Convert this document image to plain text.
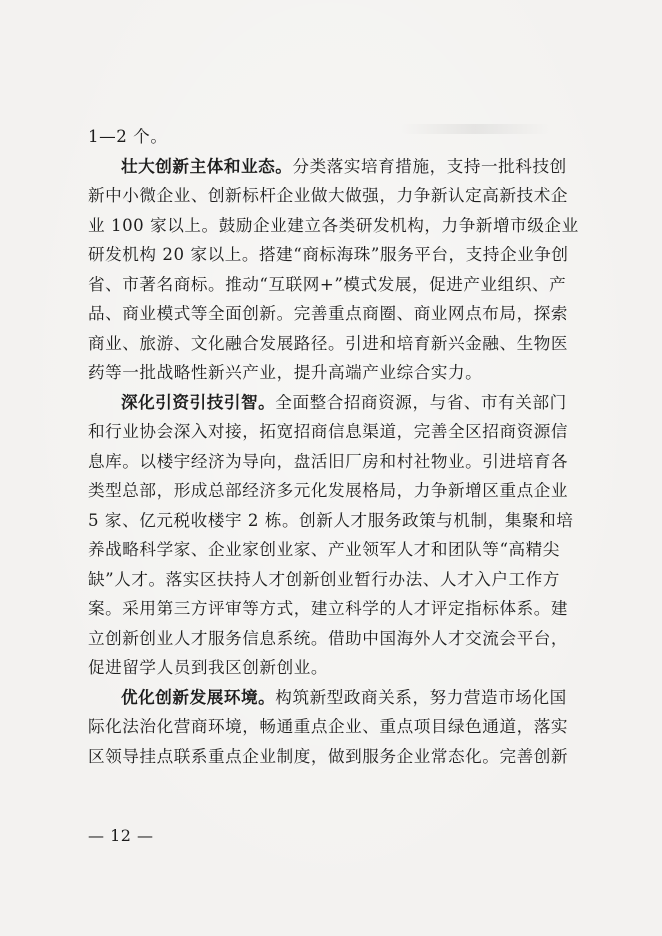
1—2 个。
壮大创新主体和业态。分类落实培育措施，支持一批科技创
新中小微企业、创新标杆企业做大做强，力争新认定高新技术企
业 100 家以上。鼓励企业建立各类研发机构，力争新增市级企业
研发机构 20 家以上。搭建“商标海珠”服务平台，支持企业争创
省、市著名商标。推动“互联网+”模式发展，促进产业组织、产
品、商业模式等全面创新。完善重点商圈、商业网点布局，探索
商业、旅游、文化融合发展路径。引进和培育新兴金融、生物医
药等一批战略性新兴产业，提升高端产业综合实力。
深化引资引技引智。全面整合招商资源，与省、市有关部门
和行业协会深入对接，拓宽招商信息渠道，完善全区招商资源信
息库。以楼宇经济为导向，盘活旧厂房和村社物业。引进培育各
类型总部，形成总部经济多元化发展格局，力争新增区重点企业
5 家、亿元税收楼宇 2 栋。创新人才服务政策与机制，集聚和培
养战略科学家、企业家创业家、产业领军人才和团队等“高精尖
缺”人才。落实区扶持人才创新创业暂行办法、人才入户工作方
案。采用第三方评审等方式，建立科学的人才评定指标体系。建
立创新创业人才服务信息系统。借助中国海外人才交流会平台，
促进留学人员到我区创新创业。
优化创新发展环境。构筑新型政商关系，努力营造市场化国
际化法治化营商环境，畅通重点企业、重点项目绿色通道，落实
区领导挂点联系重点企业制度，做到服务企业常态化。完善创新
— 12 —
